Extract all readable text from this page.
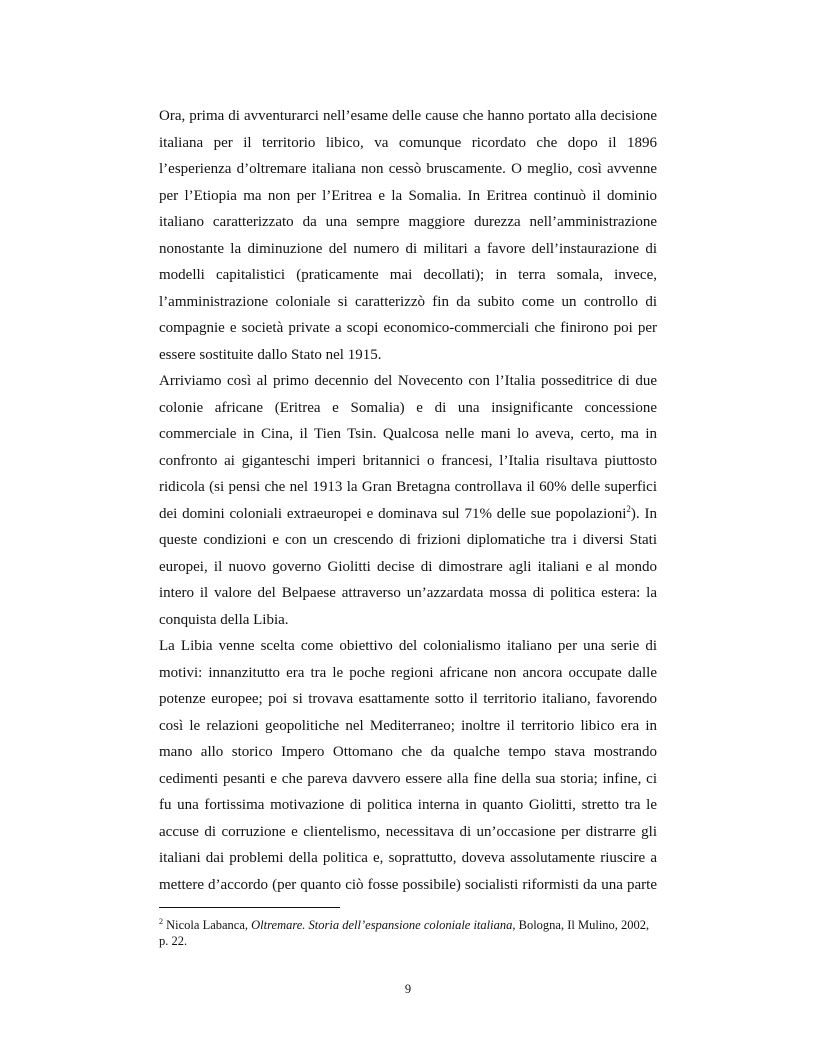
Ora, prima di avventurarci nell’esame delle cause che hanno portato alla decisione
italiana per il territorio libico, va comunque ricordato che dopo il 1896
l’esperienza d’oltremare italiana non cessò bruscamente. O meglio, così avvenne
per l’Etiopia ma non per l’Eritrea e la Somalia. In Eritrea continuò il dominio
italiano caratterizzato da una sempre maggiore durezza nell’amministrazione
nonostante la diminuzione del numero di militari a favore dell’instaurazione di
modelli capitalistici (praticamente mai decollati); in terra somala, invece,
l’amministrazione coloniale si caratterizzò fin da subito come un controllo di
compagnie e società private a scopi economico-commerciali che finirono poi per
essere sostituite dallo Stato nel 1915.
Arriviamo così al primo decennio del Novecento con l’Italia posseditrice di due
colonie africane (Eritrea e Somalia) e di una insignificante concessione
commerciale in Cina, il Tien Tsin. Qualcosa nelle mani lo aveva, certo, ma in
confronto ai giganteschi imperi britannici o francesi, l’Italia risultava piuttosto
ridicola (si pensi che nel 1913 la Gran Bretagna controllava il 60% delle superfici
dei domini coloniali extraeuropei e dominava sul 71% delle sue popolazioni$^2$). In
queste condizioni e con un crescendo di frizioni diplomatiche tra i diversi Stati
europei, il nuovo governo Giolitti decise di dimostrare agli italiani e al mondo
intero il valore del Belpaese attraverso un’azzardata mossa di politica estera: la
conquista della Libia.
La Libia venne scelta come obiettivo del colonialismo italiano per una serie di
motivi: innanzitutto era tra le poche regioni africane non ancora occupate dalle
potenze europee; poi si trovava esattamente sotto il territorio italiano, favorendo
così le relazioni geopolitiche nel Mediterraneo; inoltre il territorio libico era in
mano allo storico Impero Ottomano che da qualche tempo stava mostrando
cedimenti pesanti e che pareva davvero essere alla fine della sua storia; infine, ci
fu una fortissima motivazione di politica interna in quanto Giolitti, stretto tra le
accuse di corruzione e clientelismo, necessitava di un’occasione per distrarre gli
italiani dai problemi della politica e, soprattutto, doveva assolutamente riuscire a
mettere d’accordo (per quanto ciò fosse possibile) socialisti riformisti da una parte
$^2$ Nicola Labanca, Oltremare. Storia dell’espansione coloniale italiana, Bologna, Il Mulino, 2002,
p. 22.
9
